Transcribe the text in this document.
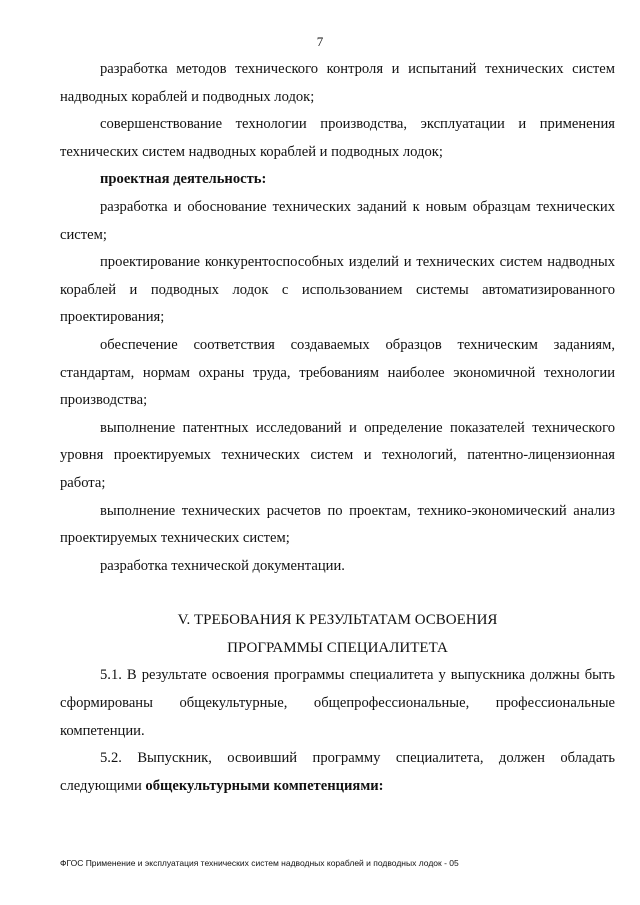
7

разработка методов технического контроля и испытаний технических систем надводных кораблей и подводных лодок;

совершенствование технологии производства, эксплуатации и применения технических систем надводных кораблей и подводных лодок;

проектная деятельность:

разработка и обоснование технических заданий к новым образцам технических систем;

проектирование конкурентоспособных изделий и технических систем надводных кораблей и подводных лодок с использованием системы автоматизированного проектирования;

обеспечение соответствия создаваемых образцов техническим заданиям, стандартам, нормам охраны труда, требованиям наиболее экономичной технологии производства;

выполнение патентных исследований и определение показателей технического уровня проектируемых технических систем и технологий, патентно-лицензионная работа;

выполнение технических расчетов по проектам, технико-экономический анализ проектируемых технических систем;

разработка технической документации.

V. ТРЕБОВАНИЯ К РЕЗУЛЬТАТАМ ОСВОЕНИЯ

ПРОГРАММЫ СПЕЦИАЛИТЕТА

5.1. В результате освоения программы специалитета у выпускника должны быть сформированы общекультурные, общепрофессиональные, профессиональные компетенции.

5.2. Выпускник, освоивший программу специалитета, должен обладать следующими общекультурными компетенциями:

ФГОС Применение и эксплуатация технических систем надводных кораблей и подводных лодок - 05
